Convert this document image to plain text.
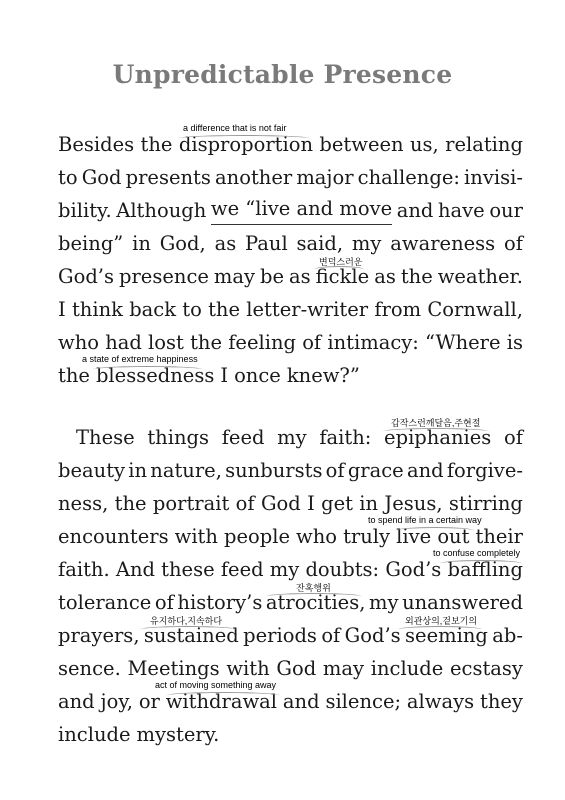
Unpredictable Presence
Besides the disproportion between us, relating
to God presents another major challenge: invisi-
bility. Although we “live and move and have our
being” in God, as Paul said, my awareness of
God’s presence may be as fickle as the weather.
I think back to the letter-writer from Cornwall,
who had lost the feeling of intimacy: “Where is
the blessedness I once knew?”
These things feed my faith: epiphanies of
beauty in nature, sunbursts of grace and forgive-
ness, the portrait of God I get in Jesus, stirring
encounters with people who truly live out their
faith. And these feed my doubts: God’s baffling
tolerance of history’s atrocities, my unanswered
prayers, sustained periods of God’s seeming ab-
sence. Meetings with God may include ecstasy
and joy, or withdrawal and silence; always they
include mystery.
a difference that is not fair
변덕스러운
a state of extreme happiness
갑작스런깨달음,주현절
to spend life in a certain way
to confuse completely
잔혹행위
유지하다,지속하다	외관상의,겉보기의
act of moving something away
